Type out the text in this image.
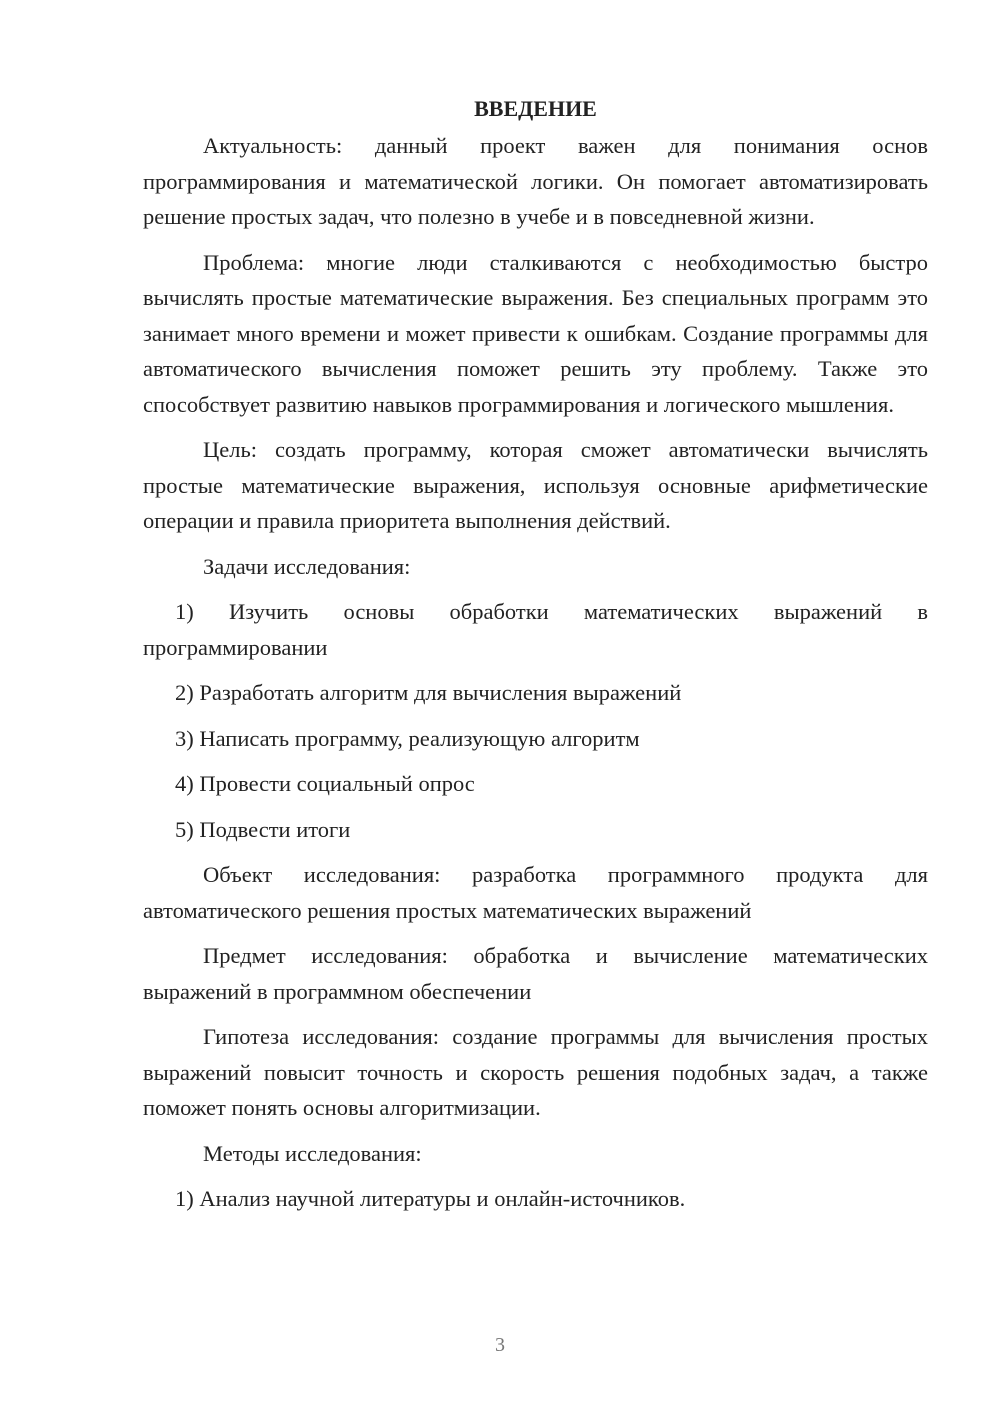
ВВЕДЕНИЕ

Актуальность: данный проект важен для понимания основ программирования и математической логики. Он помогает автоматизировать решение простых задач, что полезно в учебе и в повседневной жизни.

Проблема: многие люди сталкиваются с необходимостью быстро вычислять простые математические выражения. Без специальных программ это занимает много времени и может привести к ошибкам. Создание программы для автоматического вычисления поможет решить эту проблему. Также это способствует развитию навыков программирования и логического мышления.

Цель: создать программу, которая сможет автоматически вычислять простые математические выражения, используя основные арифметические операции и правила приоритета выполнения действий.

Задачи исследования:

1) Изучить основы обработки математических выражений в программировании

2) Разработать алгоритм для вычисления выражений

3) Написать программу, реализующую алгоритм

4) Провести социальный опрос

5) Подвести итоги

Объект исследования: разработка программного продукта для автоматического решения простых математических выражений

Предмет исследования: обработка и вычисление математических выражений в программном обеспечении

Гипотеза исследования: создание программы для вычисления простых выражений повысит точность и скорость решения подобных задач, а также поможет понять основы алгоритмизации.

Методы исследования:

1) Анализ научной литературы и онлайн-источников.

3
